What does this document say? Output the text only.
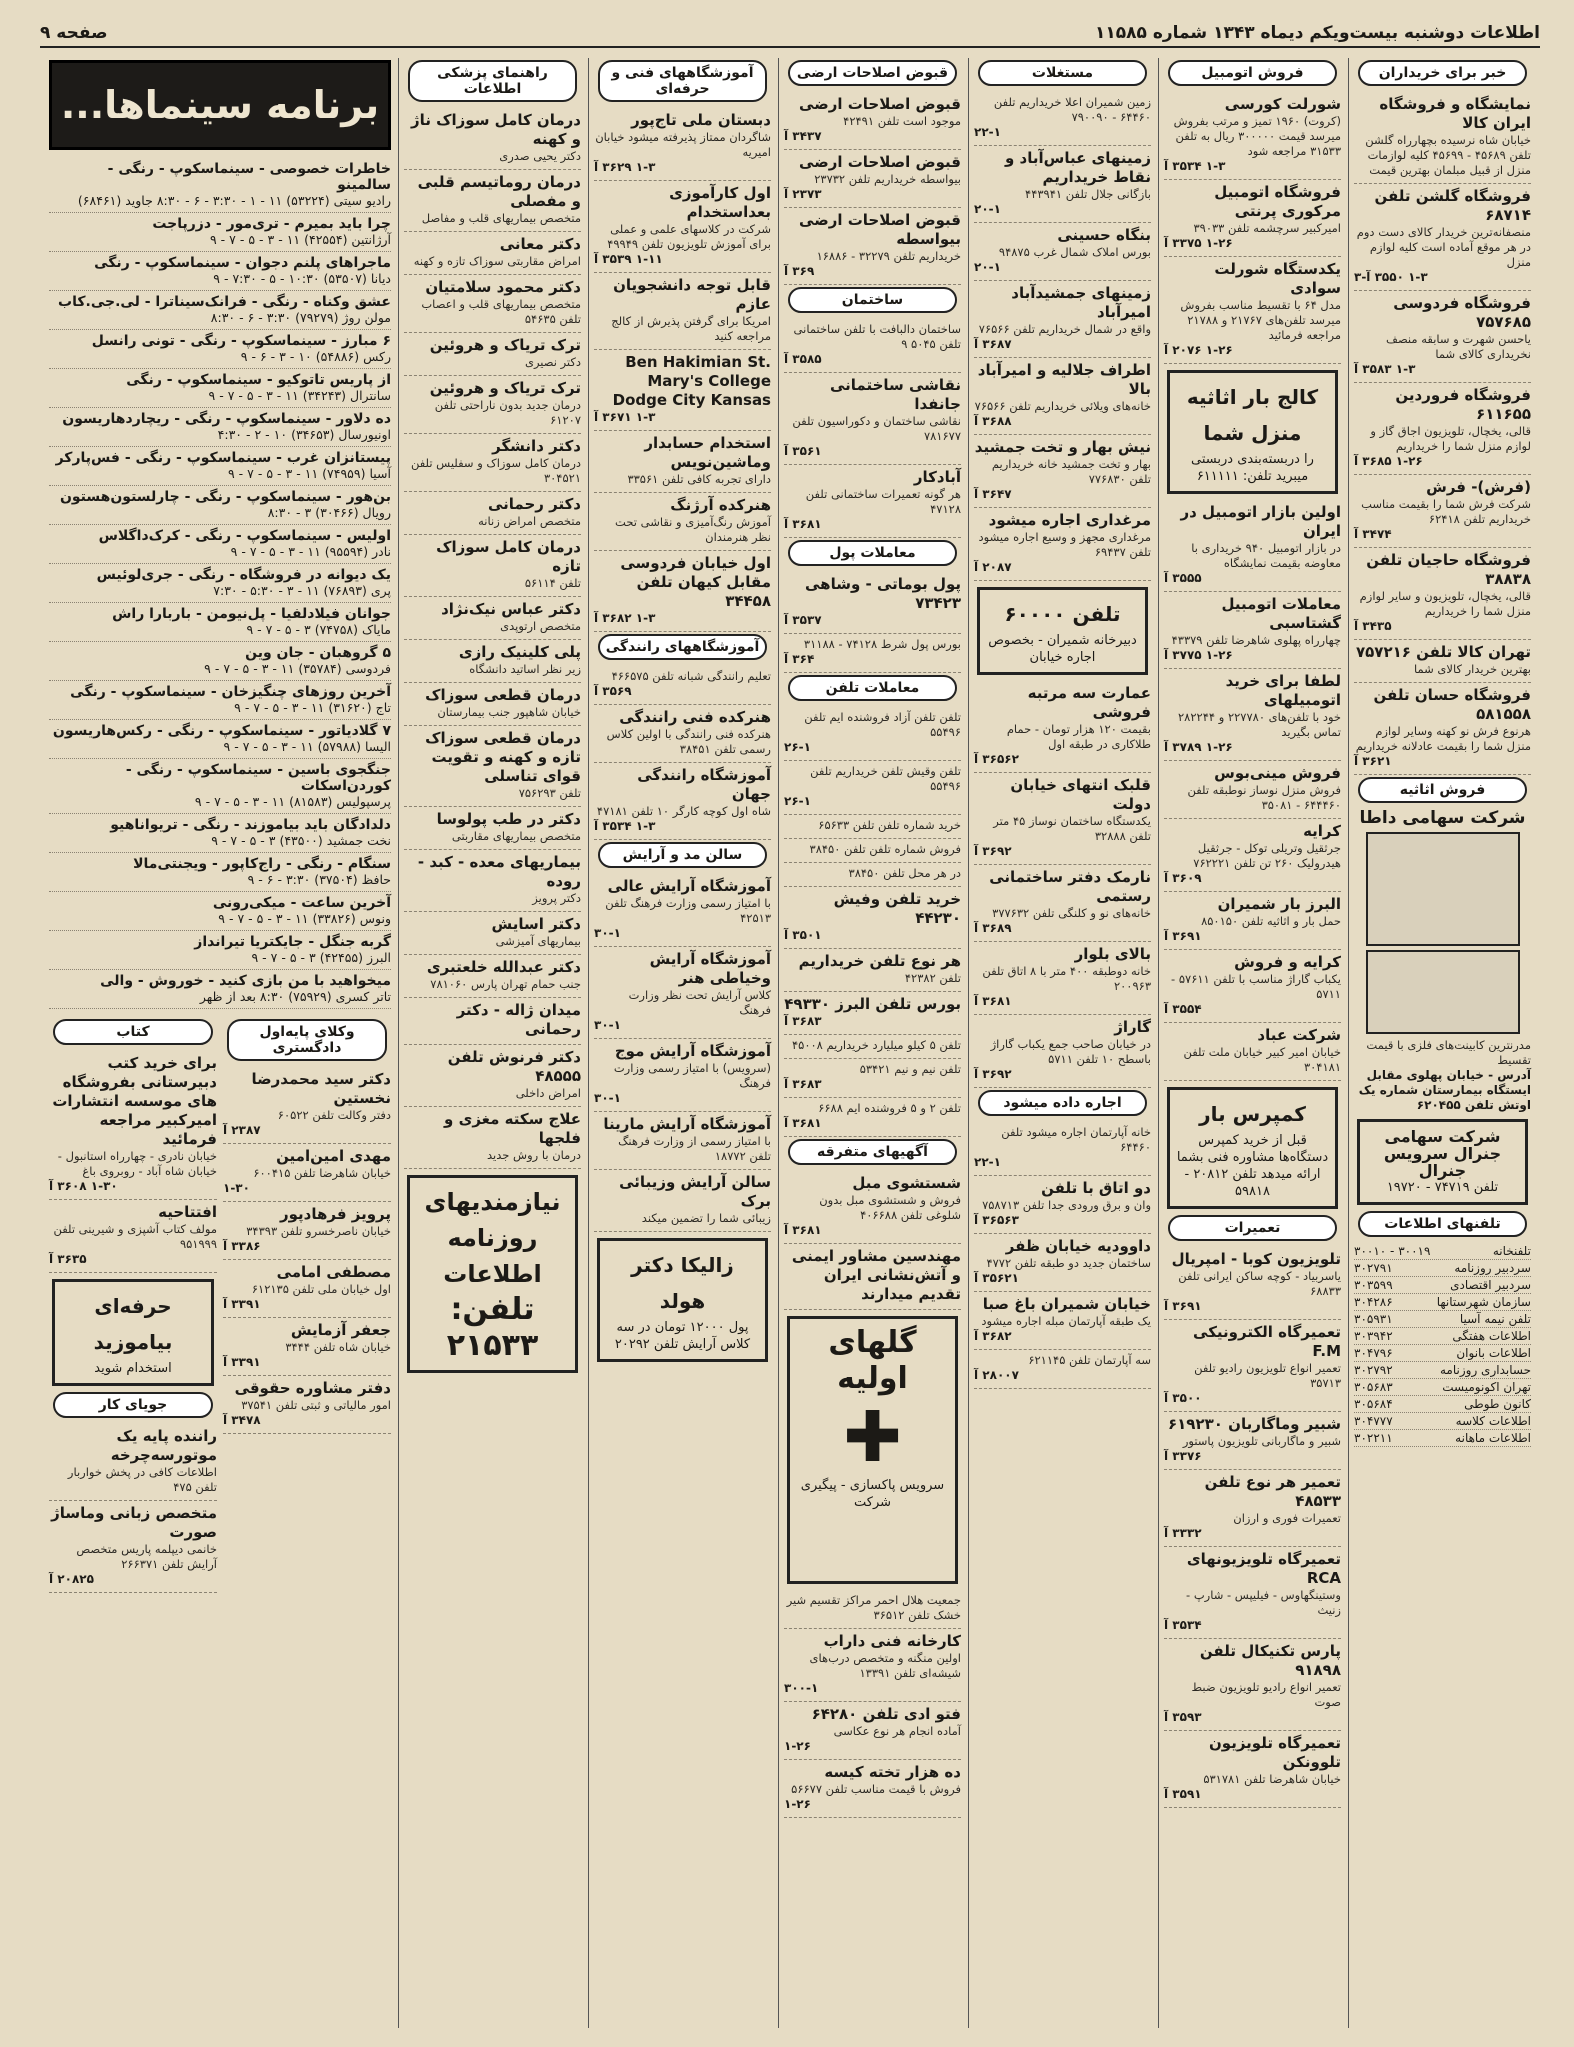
اطلاعات دوشنبه بیست‌ویکم دیماه ۱۳۴۳ شماره ۱۱۵۸۵
صفحه ۹
خبر برای خریداران
نمایشگاه و فروشگاه ایران کالا
خیابان شاه نرسیده بچهارراه گلشن تلفن ۴۵۶۸۹ - ۴۵۶۹۹ کلیه لوازمات منزل از قبیل مبلمان بهترین قیمت
فروشگاه گلشن تلفن ۶۸۷۱۴
منصفانه‌ترین خریدار کالای دست دوم در هر موقع آماده است کلیه لوازم منزل
۱-۳ ۳۵۵۰ آ-۳
فروشگاه فردوسی ۷۵۷۶۸۵
یاحسن شهرت و سابقه منصف نخریداری کالای شما
۱-۳ ۳۵۸۳ آ
فروشگاه فروردین ۶۱۱۶۵۵
قالی، یخچال، تلویزیون اجاق گاز و لوازم منزل شما را خریداریم
۱-۲۶ ۳۶۸۵ آ
(فرش)- فرش
شرکت فرش شما را بقیمت مناسب خریداریم تلفن ۶۲۴۱۸
۳۴۷۴ آ
فروشگاه حاجیان تلفن ۳۸۸۳۸
قالی، یخچال، تلویزیون و سایر لوازم منزل شما را خریداریم
۳۴۳۵ آ
تهران کالا تلفن ۷۵۷۲۱۶
بهترین خریدار کالای شما
فروشگاه حسان تلفن ۵۸۱۵۵۸
هرنوع فرش نو کهنه وسایر لوازم منزل شما را بقیمت عادلانه خریداریم
۳۶۲۱ آ
فروش اثاثیه
شرکت سهامی داطا
مدرنترین کابینت‌های فلزی با قیمت تقسیط
آدرس - خیابان پهلوی مقابل ایستگاه بیمارستان شماره یک اوتش تلفن ۶۲۰۴۵۵
شرکت سهامی جنرال سرویس جنرال
تلفن ۷۴۷۱۹ - ۱۹۷۲۰
تلفنهای اطلاعات
تلفنخانه
۳۰۰۱۹ - ۳۰۰۱۰
سردبیر روزنامه
۳۰۲۷۹۱
سردبیر اقتصادی
۳۰۳۵۹۹
سازمان شهرستانها
۳۰۴۲۸۶
تلفن نیمه آسیا
۳۰۵۹۳۱
اطلاعات هفتگی
۳۰۳۹۴۲
اطلاعات بانوان
۳۰۴۷۹۶
حسابداری روزنامه
۳۰۲۷۹۲
تهران اکونومیست
۳۰۵۶۸۳
کانون طوطی
۳۰۵۶۸۴
اطلاعات کلاسه
۳۰۴۷۷۷
اطلاعات ماهانه
۳۰۲۲۱۱
فروش اتومبیل
شورلت کورسی
(کروت) ۱۹۶۰ تمیز و مرتب بفروش میرسد قیمت ۳۰۰۰۰۰ ریال به تلفن ۳۱۵۳۳ مراجعه شود
۱-۳ ۳۵۳۴ آ
فروشگاه اتومبیل مرکوری پرنتی
امیرکبیر سرچشمه تلفن ۳۹۰۳۳
۱-۲۶ ۳۳۷۵ آ
یکدستگاه شورلت سوادی
مدل ۶۴ با تقسیط مناسب بفروش میرسد تلفن‌های ۲۱۷۶۷ و ۲۱۷۸۸ مراجعه فرمائید
۱-۲۶ ۲۰۷۶ آ
کالج بار اثاثیه منزل شما
را دربسته‌بندی دربستی میبرید تلفن: ۶۱۱۱۱۱
اولین بازار اتومبیل در ایران
در بازار اتومبیل ۹۴۰ خریداری با معاوضه بقیمت نمایشگاه
۳۵۵۵ آ
معاملات اتومبیل گشتاسبی
چهارراه پهلوی شاهرضا تلفن ۴۳۳۷۹
۱-۲۶ ۳۷۷۵ آ
لطفا برای خرید اتومبیلهای
خود با تلفن‌های ۲۲۷۷۸۰ و ۲۸۲۲۴۴ تماس بگیرید
۱-۲۶ ۳۷۸۹ آ
فروش مینی‌بوس
فروش منزل نوساز نوطبقه تلفن ۶۴۴۴۶۰ - ۳۵۰۸۱
کرایه
جرثقیل وتریلی توکل - جرثقیل هیدرولیک ۲۶۰ تن تلفن ۷۶۲۲۲۱
۳۶۰۹ آ
البرز بار شمیران
حمل بار و اثاثیه تلفن ۸۵۰۱۵۰
۳۶۹۱ آ
کرایه و فروش
یکباب گاراژ مناسب با تلفن ۵۷۶۱۱ - ۵۷۱۱
۳۵۵۴ آ
شرکت عباد
خیابان امیر کبیر خیابان ملت تلفن ۳۰۴۱۸۱
کمپرس بار
قبل از خرید کمپرس دستگاه‌ها مشاوره فنی بشما ارائه میدهد تلفن ۲۰۸۱۲ - ۵۹۸۱۸
تعمیرات
تلویزیون کوبا - امپریال
یاسربیاد - کوچه ساکن ایرانی تلفن ۶۸۸۳۳
۳۶۹۱ آ
تعمیرگاه الکترونیکی F.M
تعمیر انواع تلویزیون رادیو تلفن ۳۵۷۱۳
۳۵۰۰ آ
شبیر وماگاربان ۶۱۹۲۳۰
شبیر و ماگاربانی تلویزیون پاستور
۳۳۷۶ آ
تعمیر هر نوع تلفن ۴۸۵۳۳
تعمیرات فوری و ارزان
۳۳۳۲ آ
تعمیرگاه تلویزیونهای RCA
وستینگهاوس - فیلیپس - شارپ - زنیث
۳۵۳۴ آ
پارس تکنیکال تلفن ۹۱۸۹۸
تعمیر انواع رادیو تلویزیون ضبط صوت
۳۵۹۳ آ
تعمیرگاه تلویزیون تلوونکن
خیابان شاهرضا تلفن ۵۳۱۷۸۱
۳۵۹۱ آ
مستغلات
زمین شمیران اعلا خریداریم تلفن ۶۴۴۶۰ - ۷۹۰۰۹۰
۲۲-۱
زمینهای عباس‌آباد و نقاط خریداریم
بازگانی جلال تلفن ۴۴۳۹۴۱
۲۰-۱
بنگاه حسینی
بورس املاک شمال غرب ۹۴۸۷۵
۲۰-۱
زمینهای جمشیدآباد امیرآباد
واقع در شمال خریداریم تلفن ۷۶۵۶۶
۳۶۸۷ آ
اطراف جلالیه و امیرآباد بالا
خانه‌های ویلائی خریداریم تلفن ۷۶۵۶۶
۳۶۸۸ آ
نیش بهار و تخت جمشید
بهار و تخت جمشید خانه خریداریم تلفن ۷۷۶۸۳۰
۳۶۴۷ آ
مرغداری اجاره میشود
مرغداری مجهز و وسیع اجاره میشود تلفن ۶۹۴۳۷
۲۰۸۷ آ
تلفن ۶۰۰۰۰
دبیرخانه شمیران - بخصوص اجاره خیابان
عمارت سه مرتبه فروشی
بقیمت ۱۲۰ هزار تومان - حمام طلاکاری در طبقه اول
۳۶۵۶۲ آ
قلبک انتهای خیابان دولت
یکدستگاه ساختمان نوساز ۴۵ متر تلفن ۳۲۸۸۸
۳۶۹۲ آ
نارمک دفتر ساختمانی رستمی
خانه‌های نو و کلنگی تلفن ۳۷۷۶۳۲
۳۶۸۹ آ
بالای بلوار
خانه دوطبقه ۴۰۰ متر با ۸ اتاق تلفن ۲۰۰۹۶۳
۳۶۸۱ آ
گاراژ
در خیابان صاحب جمع یکباب گاراژ باسطح ۱۰ تلفن ۵۷۱۱
۳۶۹۲ آ
اجاره داده میشود
خانه آپارتمان اجاره میشود تلفن ۶۴۴۶۰
۲۲-۱
دو اتاق با تلفن
وان و برق ورودی جدا تلفن ۷۵۸۷۱۳
۳۶۵۶۳ آ
داوودیه خیابان ظفر
ساختمان جدید دو طبقه تلفن ۴۷۷۲
۳۵۶۲۱ آ
خیابان شمیران باغ صبا
یک طبقه آپارتمان مبله اجاره میشود
۳۶۸۲ آ
سه آپارتمان تلفن ۶۲۱۱۴۵
۲۸۰۰۷ آ
قبوض اصلاحات ارضی
قبوض اصلاحات ارضی
موجود است تلفن ۴۲۴۹۱
۳۴۳۷ آ
قبوض اصلاحات ارضی
بیواسطه خریداریم تلفن ۲۳۷۳۲
۲۳۷۳ آ
قبوض اصلاحات ارضی بیواسطه
خریداریم تلفن ۳۲۲۷۹ - ۱۶۸۸۶
۳۶۹ آ
ساختمان
ساختمان دالبافت با تلفن ساختمانی تلفن ۵۰۴۵ ۹
۳۵۸۵ آ
نقاشی ساختمانی جانفدا
نقاشی ساختمان و دکوراسیون تلفن ۷۸۱۶۷۷
۳۵۶۱ آ
آبادکار
هر گونه تعمیرات ساختمانی تلفن ۴۷۱۲۸
۳۶۸۱ آ
معاملات پول
پول بوماتی - وشاهی ۷۳۴۲۳
۳۵۳۷ آ
بورس پول شرط ۷۴۱۲۸ - ۳۱۱۸۸
۳۶۴ آ
معاملات تلفن
تلفن تلفن آزاد فروشنده ایم تلفن ۵۵۴۹۶
۲۶-۱
تلفن وقیش تلفن خریداریم تلفن ۵۵۴۹۶
۲۶-۱
خرید شماره تلفن تلفن ۶۵۶۳۳
فروش شماره تلفن تلفن ۳۸۴۵۰
در هر محل تلفن ۳۸۴۵۰
خرید تلفن وفیش ۴۴۲۳۰
۳۵۰۱ آ
هر نوع تلفن خریداریم
تلفن ۴۲۳۸۲
بورس تلفن البرز ۴۹۳۳۰
۳۶۸۳ آ
تلفن ۵ کیلو میلیارد خریداریم ۴۵۰۰۸
تلفن نیم و نیم ۵۳۴۲۱
۳۶۸۳ آ
تلفن ۲ و ۵ فروشنده ایم ۶۶۸۸
۳۶۸۱ آ
آگهیهای متفرقه
شستشوی مبل
فروش و شستشوی مبل بدون شلوغی تلفن ۴۰۶۶۸۸
۳۶۸۱ آ
مهندسین مشاور ایمنی و آتش‌نشانی ایران تقدیم میدارند
گلهای اولیه
✚
سرویس پاکسازی - پیگیری شرکت
جمعیت هلال احمر مراکز تقسیم شیر خشک تلفن ۳۶۵۱۲
کارخانه فنی داراب
اولین منگنه و متخصص درب‌های شیشه‌ای تلفن ۱۳۳۹۱
۳۰۰-۱
فتو ادی تلفن ۶۴۲۸۰
آماده انجام هر نوع عکاسی
۱-۲۶
ده هزار تخته کیسه
فروش با قیمت مناسب تلفن ۵۶۶۷۷
۱-۲۶
آموزشگاههای فنی و حرفه‌ای
دبستان ملی تاج‌پور
شاگردان ممتاز پذیرفته میشود خیابان امیریه
۱-۳ ۳۶۲۹ آ
اول کارآموزی بعداستخدام
شرکت در کلاسهای علمی و عملی برای آموزش تلویزیون تلفن ۴۹۹۴۹
۱-۱۱ ۳۵۳۹ آ
قابل توجه دانشجویان عازم
امریکا برای گرفتن پذیرش از کالج مراجعه کنید
Ben Hakimian St. Mary's College Dodge City Kansas
۱-۳ ۳۶۷۱ آ
استخدام حسابدار وماشین‌نویس
دارای تجربه کافی تلفن ۳۳۵۶۱
هنرکده آرژنگ
آموزش رنگ‌آمیزی و نقاشی تحت نظر هنرمندان
اول خیابان فردوسی مقابل کیهان تلفن ۳۴۴۵۸
۱-۳ ۳۶۸۲ آ
آموزشگاههای رانندگی
تعلیم رانندگی شبانه تلفن ۴۶۶۵۷۵
۳۵۶۹ آ
هنرکده فنی رانندگی
هنرکده فنی رانندگی با اولین کلاس رسمی تلفن ۳۸۴۵۱
آموزشگاه رانندگی جهان
شاه اول کوچه کارگر ۱۰ تلفن ۴۷۱۸۱
۱-۳ ۳۵۳۴ آ
سالن مد و آرایش
آموزشگاه آرایش عالی
با امتیاز رسمی وزارت فرهنگ تلفن ۴۲۵۱۳
۳۰-۱
آموزشگاه آرایش وخیاطی هنر
کلاس آرایش تحت نظر وزارت فرهنگ
۳۰-۱
آموزشگاه آرایش موج
(سرویس) با امتیاز رسمی وزارت فرهنگ
۳۰-۱
آموزشگاه آرایش مارینا
با امتیاز رسمی از وزارت فرهنگ تلفن ۱۸۷۷۲
سالن آرایش وزیبائی برک
زیبائی شما را تضمین میکند
زالیکا دکتر هولد
پول ۱۲۰۰۰ تومان در سه کلاس آرایش تلفن ۲۰۲۹۲
راهنمای پزشکی اطلاعات
درمان کامل سوزاک ناژ و کهنه
دکتر یحیی صدری
درمان روماتیسم قلبی و مفصلی
متخصص بیماریهای قلب و مفاصل
دکتر معانی
امراض مقاربتی سوزاک تازه و کهنه
دکتر محمود سلامتیان
متخصص بیماریهای قلب و اعصاب تلفن ۵۴۶۳۵
ترک تریاک و هروئین
دکتر نصیری
ترک تریاک و هروئین
درمان جدید بدون ناراحتی تلفن ۶۱۲۰۷
دکتر دانشگر
درمان کامل سوزاک و سفلیس تلفن ۳۰۴۵۲۱
دکتر رحمانی
متخصص امراض زنانه
درمان کامل سوزاک تازه
تلفن ۵۶۱۱۴
دکتر عباس نیک‌نژاد
متخصص ارتوپدی
پلی کلینیک رازی
زیر نظر اساتید دانشگاه
درمان قطعی سوزاک
خیابان شاهپور جنب بیمارستان
درمان قطعی سوزاک تازه و کهنه و تقویت قوای تناسلی
تلفن ۷۵۶۲۹۳
دکتر در طب پولوسا
متخصص بیماریهای مقاربتی
بیماریهای معده - کبد - روده
دکتر پرویز
دکتر اسایش
بیماریهای آمیزشی
دکتر عبدالله خلعتبری
جنب حمام تهران پارس ۷۸۱۰۶۰
میدان ژاله - دکتر رحمانی
دکتر فرنوش تلفن ۴۸۵۵۵
امراض داخلی
علاج سکته مغزی و فلجها
درمان با روش جدید
نیازمندیهای روزنامه اطلاعات
تلفن: ۲۱۵۳۳
برنامه سینماها...
خاطرات خصوصی - سینماسکوپ - رنگی - سالمینو
رادیو سیتی (۵۳۲۲۴) ۱۱ - ۱ - ۳:۳۰ - ۶ - ۸:۳۰ جاوید (۶۸۴۶۱)
چرا باید بمیرم - تری‌مور - دزرپاجت
آرژانتین (۴۲۵۵۴) ۱۱ - ۳ - ۵ - ۷ - ۹
ماجراهای پلنم دجوان - سینماسکوپ - رنگی
دیانا (۵۳۵۰۷) ۱۰:۳۰ - ۵ - ۷:۳۰ - ۹
عشق وکناه - رنگی - فرانک‌سیناترا - لی.جی.کاب
مولن روژ (۷۹۲۷۹) ۳:۳۰ - ۶ - ۸:۳۰
۶ مبارز - سینماسکوپ - رنگی - تونی رانسل
رکس (۵۴۸۸۶) ۱۰ - ۳ - ۶ - ۹
از پاریس تاتوکیو - سینماسکوپ - رنگی
سانترال (۳۴۲۴۳) ۱۱ - ۳ - ۵ - ۷ - ۹
ده دلاور - سینماسکوپ - رنگی - ریچاردهاریسون
اونیورسال (۳۴۶۵۳) ۱۰ - ۲ - ۴:۳۰
پیستانزان غرب - سینماسکوپ - رنگی - فس‌پارکر
آسیا (۷۴۹۵۹) ۱۱ - ۳ - ۵ - ۷ - ۹
بن‌هور - سینماسکوپ - رنگی - چارلستون‌هستون
رویال (۳۰۴۶۶) ۳ - ۸:۳۰
اولیس - سینماسکوپ - رنگی - کرک‌داگلاس
نادر (۹۵۵۹۴) ۱۱ - ۳ - ۵ - ۷ - ۹
یک دیوانه در فروشگاه - رنگی - جری‌لوئیس
پری (۷۶۸۹۳) ۱۱ - ۳ - ۵:۳۰ - ۷:۳۰
جوانان فیلادلفیا - پل‌نیومن - باربارا راش
مایاک (۷۴۷۵۸) ۳ - ۵ - ۷ - ۹
۵ گروهبان - جان وین
فردوسی (۳۵۷۸۴) ۱۱ - ۳ - ۵ - ۷ - ۹
آخرین روزهای چنگیزخان - سینماسکوپ - رنگی
تاج (۳۱۶۲۰) ۱۱ - ۳ - ۵ - ۷ - ۹
۷ گلادیاتور - سینماسکوپ - رنگی - رکس‌هاریسون
الیسا (۵۷۹۸۸) ۱۱ - ۳ - ۵ - ۷ - ۹
جنگجوی باسین - سینماسکوپ - رنگی - کوردن‌اسکات
پرسپولیس (۸۱۵۸۳) ۱۱ - ۳ - ۵ - ۷ - ۹
دلدادگان باید بیاموزند - رنگی - تریواناهیو
نخت جمشید (۴۳۵۰۰) ۳ - ۵ - ۷ - ۹
سنگام - رنگی - راج‌کاپور - ویجنتی‌مالا
حافظ (۳۷۵۰۴) ۳:۳۰ - ۶ - ۹
آخرین ساعت - میکی‌رونی
ونوس (۳۳۸۲۶) ۱۱ - ۳ - ۵ - ۷ - ۹
گربه جنگل - جایکتریا تیرانداز
البرز (۴۲۴۵۵) ۳ - ۵ - ۷ - ۹
میخواهید با من بازی کنید - خوروش - والی
تاتر کسری (۷۵۹۲۹) ۸:۳۰ بعد از ظهر
وکلای پایه‌اول دادگستری
دکتر سید محمدرضا نخستین
دفتر وکالت تلفن ۶۰۵۲۲
۲۳۸۷ آ
مهدی امین‌امین
خیابان شاهرضا تلفن ۶۰۰۴۱۵
۱-۳۰
پرویز فرهادپور
خیابان ناصرخسرو تلفن ۳۴۳۹۳
۳۳۸۶ آ
مصطفی امامی
اول خیابان ملی تلفن ۶۱۲۱۳۵
۳۳۹۱ آ
جعفر آزمایش
خیابان شاه تلفن ۳۴۴۴
۳۳۹۱ آ
دفتر مشاوره حقوقی
امور مالیاتی و ثبتی تلفن ۳۷۵۴۱
۳۴۷۸ آ
کتاب
برای خرید کتب دبیرستانی بفروشگاه های موسسه انتشارات امیرکبیر مراجعه فرمائید
خیابان نادری - چهارراه استانبول - خیابان شاه آباد - روبروی باغ
۱-۳۰ ۳۶۰۸ آ
افتتاحیه
مولف کتاب آشپزی و شیرینی تلفن ۹۵۱۹۹۹
۳۶۳۵ آ
حرفه‌ای بیاموزید
استخدام شوید
جویای کار
راننده پایه یک موتورسه‌چرخه
اطلاعات کافی در پخش خواربار تلفن ۴۷۵
متخصص زبانی وماساژ صورت
خانمی دیپلمه پاریس متخصص آرایش تلفن ۲۶۶۳۷۱
۲۰۸۲۵ آ
